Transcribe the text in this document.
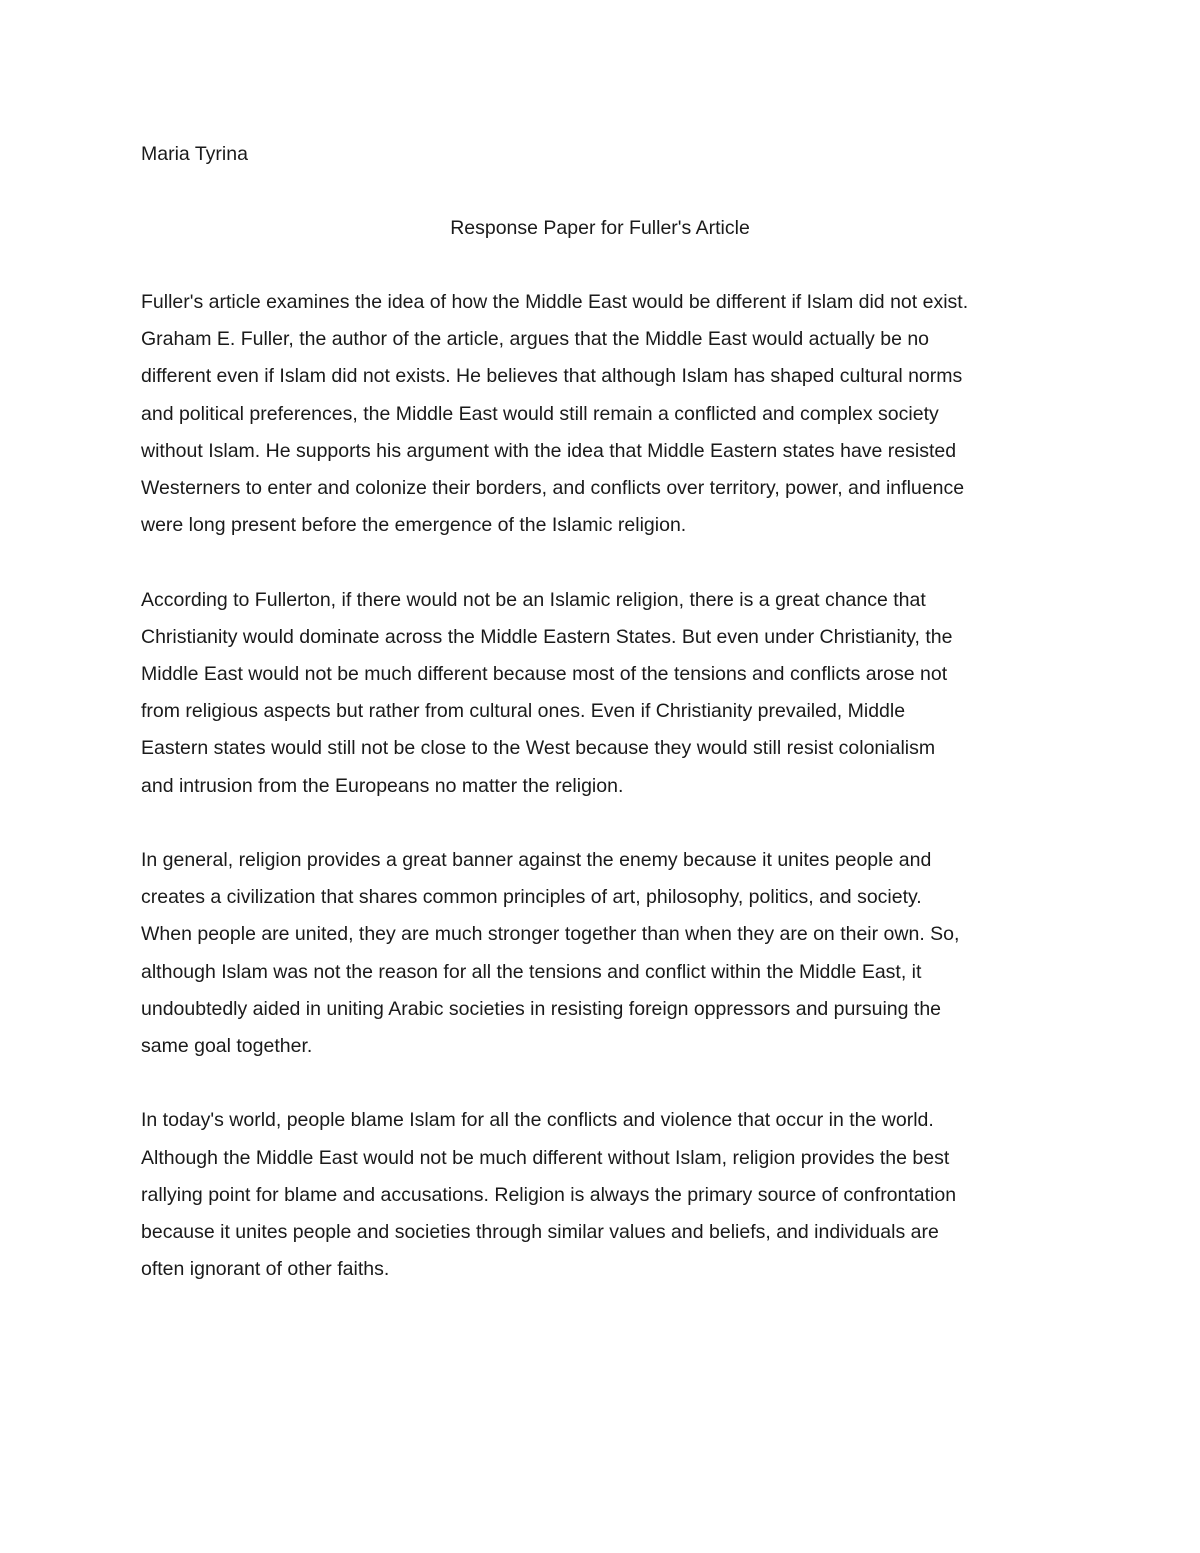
Maria Tyrina

Response Paper for Fuller's Article

Fuller's article examines the idea of how the Middle East would be different if Islam did not exist.
Graham E. Fuller, the author of the article, argues that the Middle East would actually be no
different even if Islam did not exists. He believes that although Islam has shaped cultural norms
and political preferences, the Middle East would still remain a conflicted and complex society
without Islam. He supports his argument with the idea that Middle Eastern states have resisted
Westerners to enter and colonize their borders, and conflicts over territory, power, and influence
were long present before the emergence of the Islamic religion.

According to Fullerton, if there would not be an Islamic religion, there is a great chance that
Christianity would dominate across the Middle Eastern States. But even under Christianity, the
Middle East would not be much different because most of the tensions and conflicts arose not
from religious aspects but rather from cultural ones. Even if Christianity prevailed, Middle
Eastern states would still not be close to the West because they would still resist colonialism
and intrusion from the Europeans no matter the religion.

In general, religion provides a great banner against the enemy because it unites people and
creates a civilization that shares common principles of art, philosophy, politics, and society.
When people are united, they are much stronger together than when they are on their own. So,
although Islam was not the reason for all the tensions and conflict within the Middle East, it
undoubtedly aided in uniting Arabic societies in resisting foreign oppressors and pursuing the
same goal together.

In today's world, people blame Islam for all the conflicts and violence that occur in the world.
Although the Middle East would not be much different without Islam, religion provides the best
rallying point for blame and accusations. Religion is always the primary source of confrontation
because it unites people and societies through similar values and beliefs, and individuals are
often ignorant of other faiths.
